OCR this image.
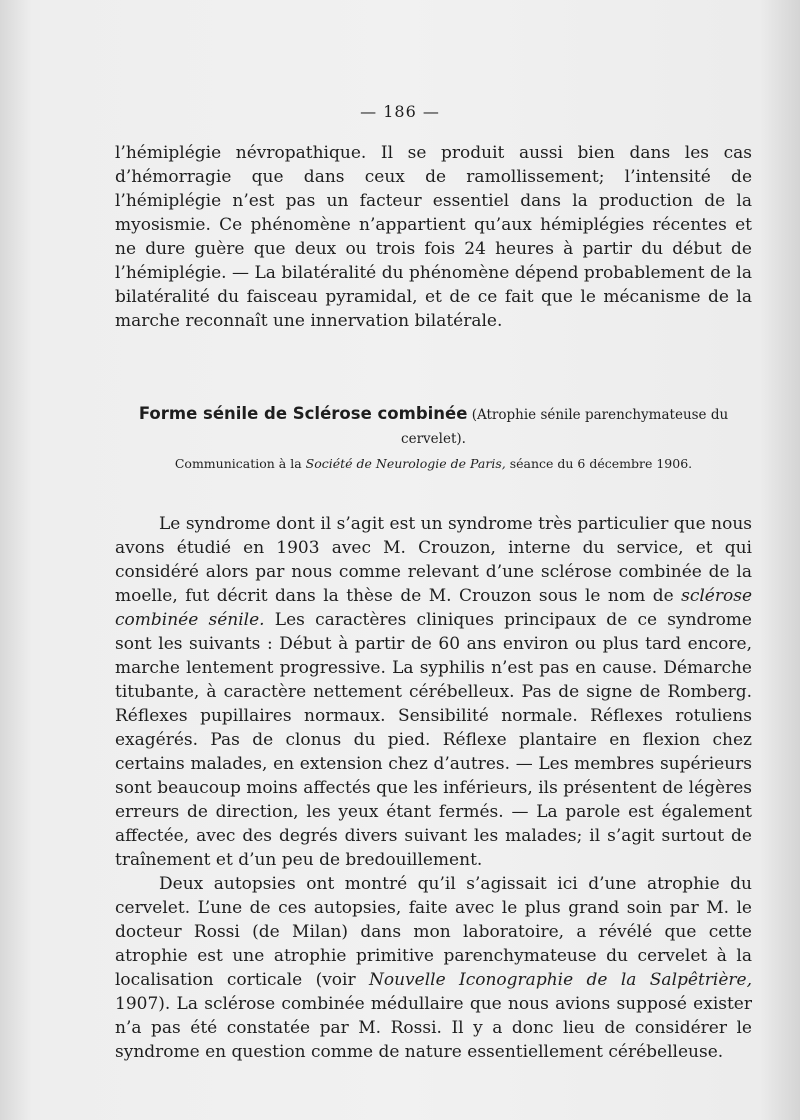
— 186 —

l’hémiplégie névropathique. Il se produit aussi bien dans les cas d’hémorragie que dans ceux de ramollissement; l’intensité de l’hémiplégie n’est pas un facteur essentiel dans la production de la myosismie. Ce phénomène n’appartient qu’aux hémiplégies récentes et ne dure guère que deux ou trois fois 24 heures à partir du début de l’hémiplégie. — La bilatéralité du phénomène dépend probablement de la bilatéralité du faisceau pyramidal, et de ce fait que le mécanisme de la marche reconnaît une innervation bilatérale.

Forme sénile de Sclérose combinée (Atrophie sénile parenchymateuse du cervelet).
Communication à la Société de Neurologie de Paris, séance du 6 décembre 1906.

Le syndrome dont il s’agit est un syndrome très particulier que nous avons étudié en 1903 avec M. Crouzon, interne du service, et qui considéré alors par nous comme relevant d’une sclérose combinée de la moelle, fut décrit dans la thèse de M. Crouzon sous le nom de sclérose combinée sénile. Les caractères cliniques principaux de ce syndrome sont les suivants : Début à partir de 60 ans environ ou plus tard encore, marche lentement progressive. La syphilis n’est pas en cause. Démarche titubante, à caractère nettement cérébelleux. Pas de signe de Romberg. Réflexes pupillaires normaux. Sensibilité normale. Réflexes rotuliens exagérés. Pas de clonus du pied. Réflexe plantaire en flexion chez certains malades, en extension chez d’autres. — Les membres supérieurs sont beaucoup moins affectés que les inférieurs, ils présentent de légères erreurs de direction, les yeux étant fermés. — La parole est également affectée, avec des degrés divers suivant les malades; il s’agit surtout de traînement et d’un peu de bredouillement.

Deux autopsies ont montré qu’il s’agissait ici d’une atrophie du cervelet. L’une de ces autopsies, faite avec le plus grand soin par M. le docteur Rossi (de Milan) dans mon laboratoire, a révélé que cette atrophie est une atrophie primitive parenchymateuse du cervelet à la localisation corticale (voir Nouvelle Iconographie de la Salpêtrière, 1907). La sclérose combinée médullaire que nous avions supposé exister n’a pas été constatée par M. Rossi. Il y a donc lieu de considérer le syndrome en question comme de nature essentiellement cérébelleuse.
